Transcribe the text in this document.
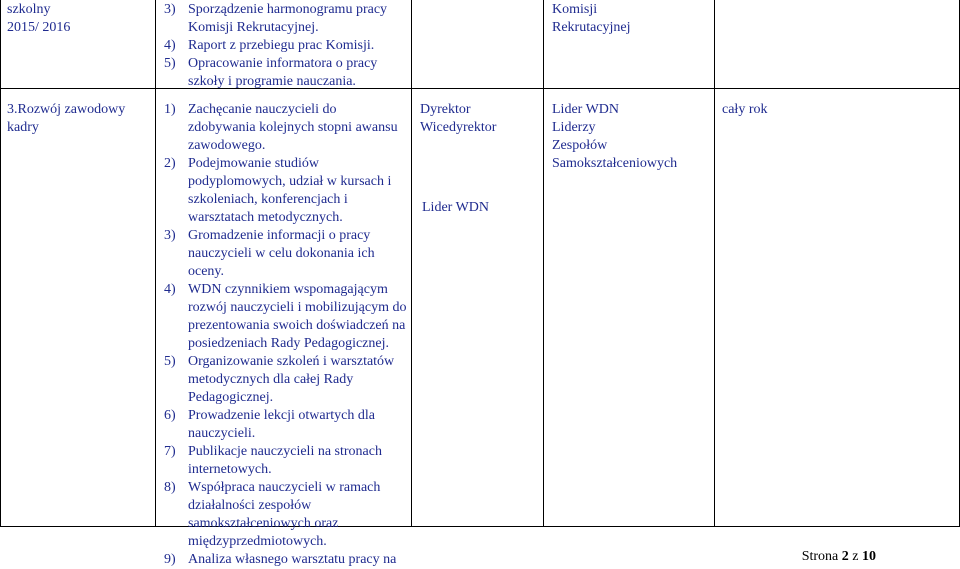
szkolny
2015/ 2016
3) Sporządzenie harmonogramu pracy
Komisji Rekrutacyjnej.
4) Raport z przebiegu prac Komisji.
5) Opracowanie informatora o pracy
szkoły i programie nauczania.
Komisji
Rekrutacyjnej
3.Rozwój zawodowy
kadry
1) Zachęcanie nauczycieli do
zdobywania kolejnych stopni awansu
zawodowego.
2) Podejmowanie studiów
podyplomowych, udział w kursach i
szkoleniach, konferencjach i
warsztatach metodycznych.
3) Gromadzenie informacji o pracy
nauczycieli w celu dokonania ich
oceny.
4) WDN czynnikiem wspomagającym
rozwój nauczycieli i mobilizującym do
prezentowania swoich doświadczeń na
posiedzeniach Rady Pedagogicznej.
5) Organizowanie szkoleń i warsztatów
metodycznych dla całej Rady
Pedagogicznej.
6) Prowadzenie lekcji otwartych dla
nauczycieli.
7) Publikacje nauczycieli na stronach
internetowych.
8) Współpraca nauczycieli w ramach
działalności zespołów
samokształceniowych oraz
międzyprzedmiotowych.
9) Analiza własnego warsztatu pracy na
Dyrektor
Wicedyrektor
Lider WDN
Lider WDN
Liderzy
Zespołów
Samokształceniowych
cały rok
Strona 2 z 10
